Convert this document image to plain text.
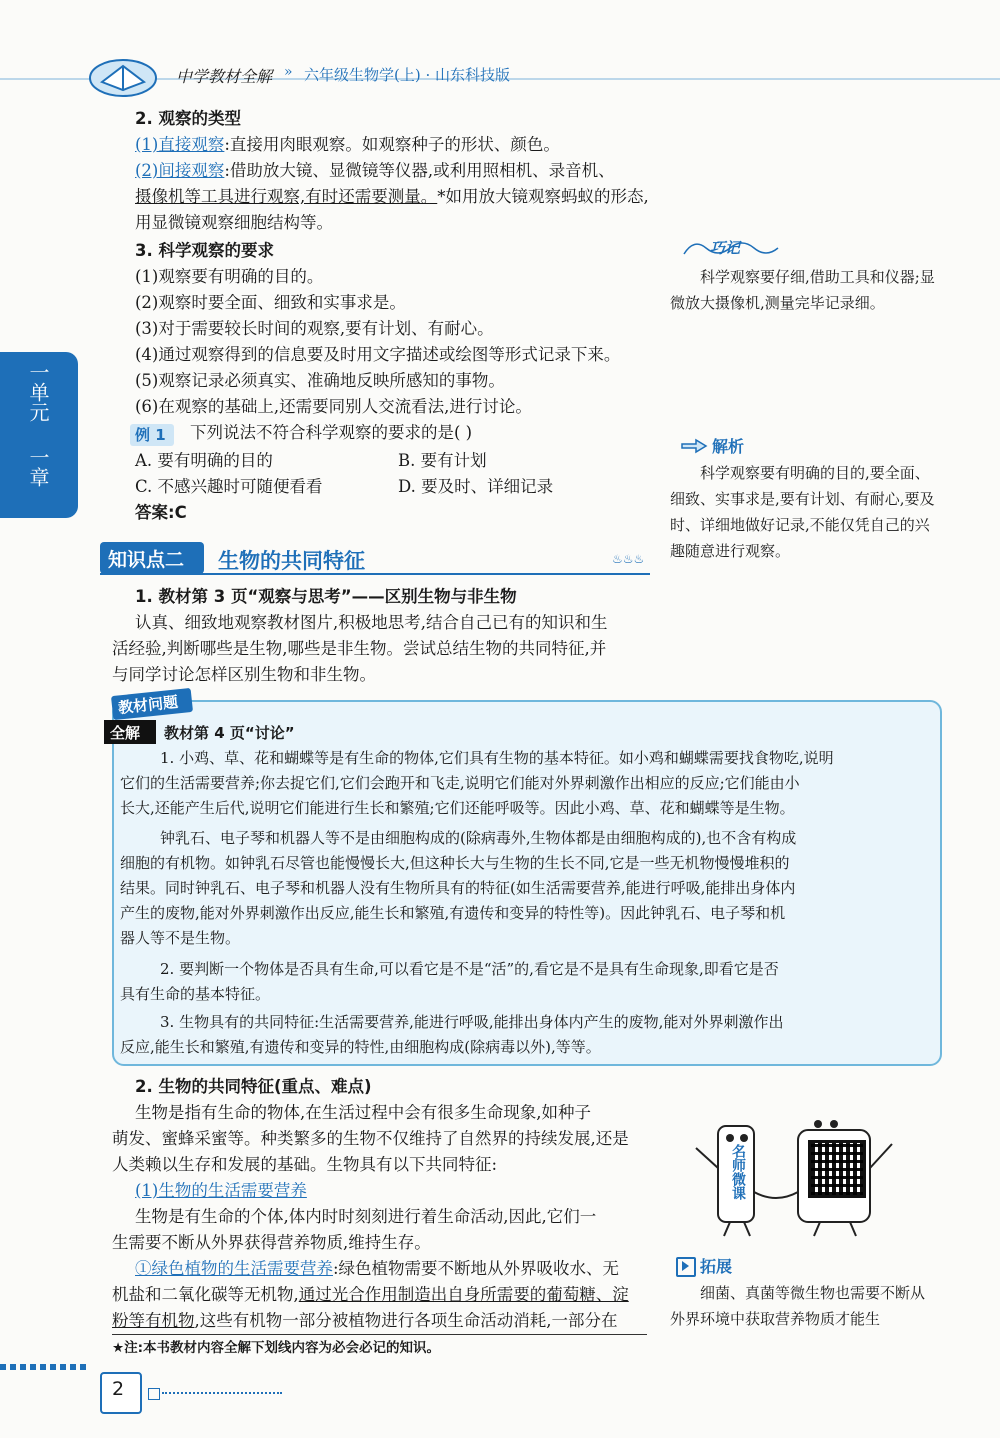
中学教材全解 » 六年级生物学(上) · 山东科技版
一单元
一章
2. 观察的类型
(1)直接观察:直接用肉眼观察。如观察种子的形状、颜色。
(2)间接观察:借助放大镜、显微镜等仪器,或利用照相机、录音机、
摄像机等工具进行观察,有时还需要测量。*如用放大镜观察蚂蚁的形态,
用显微镜观察细胞结构等。
3. 科学观察的要求
(1)观察要有明确的目的。
(2)观察时要全面、细致和实事求是。
(3)对于需要较长时间的观察,要有计划、有耐心。
(4)通过观察得到的信息要及时用文字描述或绘图等形式记录下来。
(5)观察记录必须真实、准确地反映所感知的事物。
(6)在观察的基础上,还需要同别人交流看法,进行讨论。
例 1 下列说法不符合科学观察的要求的是( )
A. 要有明确的目的	B. 要有计划
C. 不感兴趣时可随便看看	D. 要及时、详细记录
答案:C
知识点二 生物的共同特征	♨♨♨
1. 教材第 3 页“观察与思考”——区别生物与非生物
认真、细致地观察教材图片,积极地思考,结合自己已有的知识和生
活经验,判断哪些是生物,哪些是非生物。尝试总结生物的共同特征,并
与同学讨论怎样区别生物和非生物。
教材问题
全解 教材第 4 页“讨论”
1. 小鸡、草、花和蝴蝶等是有生命的物体,它们具有生物的基本特征。如小鸡和蝴蝶需要找食物吃,说明
它们的生活需要营养;你去捉它们,它们会跑开和飞走,说明它们能对外界刺激作出相应的反应;它们能由小
长大,还能产生后代,说明它们能进行生长和繁殖;它们还能呼吸等。因此小鸡、草、花和蝴蝶等是生物。
钟乳石、电子琴和机器人等不是由细胞构成的(除病毒外,生物体都是由细胞构成的),也不含有构成
细胞的有机物。如钟乳石尽管也能慢慢长大,但这种长大与生物的生长不同,它是一些无机物慢慢堆积的
结果。同时钟乳石、电子琴和机器人没有生物所具有的特征(如生活需要营养,能进行呼吸,能排出身体内
产生的废物,能对外界刺激作出反应,能生长和繁殖,有遗传和变异的特性等)。因此钟乳石、电子琴和机
器人等不是生物。
2. 要判断一个物体是否具有生命,可以看它是不是“活”的,看它是不是具有生命现象,即看它是否
具有生命的基本特征。
3. 生物具有的共同特征:生活需要营养,能进行呼吸,能排出身体内产生的废物,能对外界刺激作出
反应,能生长和繁殖,有遗传和变异的特性,由细胞构成(除病毒以外),等等。
2. 生物的共同特征(重点、难点)
生物是指有生命的物体,在生活过程中会有很多生命现象,如种子
萌发、蜜蜂采蜜等。种类繁多的生物不仅维持了自然界的持续发展,还是
人类赖以生存和发展的基础。生物具有以下共同特征:
(1)生物的生活需要营养
生物是有生命的个体,体内时时刻刻进行着生命活动,因此,它们一
生需要不断从外界获得营养物质,维持生存。
①绿色植物的生活需要营养:绿色植物需要不断地从外界吸收水、无
机盐和二氧化碳等无机物,通过光合作用制造出自身所需要的葡萄糖、淀
粉等有机物,这些有机物一部分被植物进行各项生命活动消耗,一部分在
★注:本书教材内容全解下划线内容为必会必记的知识。
巧记
科学观察要仔细,借助工具和仪器;显微放大摄像机,测量完毕记录细。
解析
科学观察要有明确的目的,要全面、细致、实事求是,要有计划、有耐心,要及时、详细地做好记录,不能仅凭自己的兴趣随意进行观察。
名师微课
拓展
细菌、真菌等微生物也需要不断从外界环境中获取营养物质才能生
2
